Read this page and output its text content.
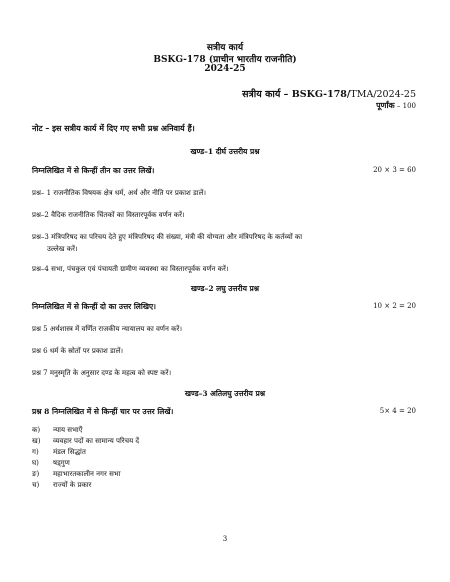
सत्रीय कार्य
BSKG-178 (प्राचीन भारतीय राजनीति)
2024-25
सत्रीय कार्य – BSKG-178/TMA/2024-25
पूर्णांक – 100
नोट – इस सत्रीय कार्य में दिए गए सभी प्रश्न अनिवार्य हैं।
खण्ड–1 दीर्घ उत्तरीय प्रश्न
निम्नलिखित में से किन्हीं तीन का उत्तर लिखें।	20 × 3 = 60
प्रश्न– 1 राजनीतिक विषयक क्षेत्र धर्म, अर्थ और नीति पर प्रकाश डालें।
प्रश्न–2 वैदिक राजनीतिक चिंतकों का विस्तारपूर्वक वर्णन करें।
प्रश्न–3 मंत्रिपरिषद का परिचय देते हुए मंत्रिपरिषद की संख्या, मंत्री की योग्यता और मंत्रिपरिषद के कर्तव्यों का
उल्लेख करें।
प्रश्न–4 सभा, पंचकुल एवं पंचायती ग्रामीण व्यवस्था का विस्तारपूर्वक वर्णन करें।
खण्ड–2 लघु उत्तरीय प्रश्न
निम्नलिखित में से किन्हीं दो का उत्तर लिखिए।	10 × 2 = 20
प्रश्न 5 अर्थशास्त्र में वर्णित राजकीय न्यायालय का वर्णन करें।
प्रश्न 6 धर्म के स्रोतों पर प्रकाश डालें।
प्रश्न 7 मनुस्मृति के अनुसार दण्ड के महत्व को स्पष्ट करें।
खण्ड–3 अतिलघु उत्तरीय प्रश्न
प्रश्न 8 निम्नलिखित में से किन्हीं चार पर उत्तर लिखें।	5× 4 = 20
क) न्याय सभाएँ
ख) व्यवहार पदों का सामान्य परिचय दें
ग) मंडल सिद्धांत
घ) षड्गुण
ङ) महाभारतकालीन नगर सभा
च) राज्यों के प्रकार
3
